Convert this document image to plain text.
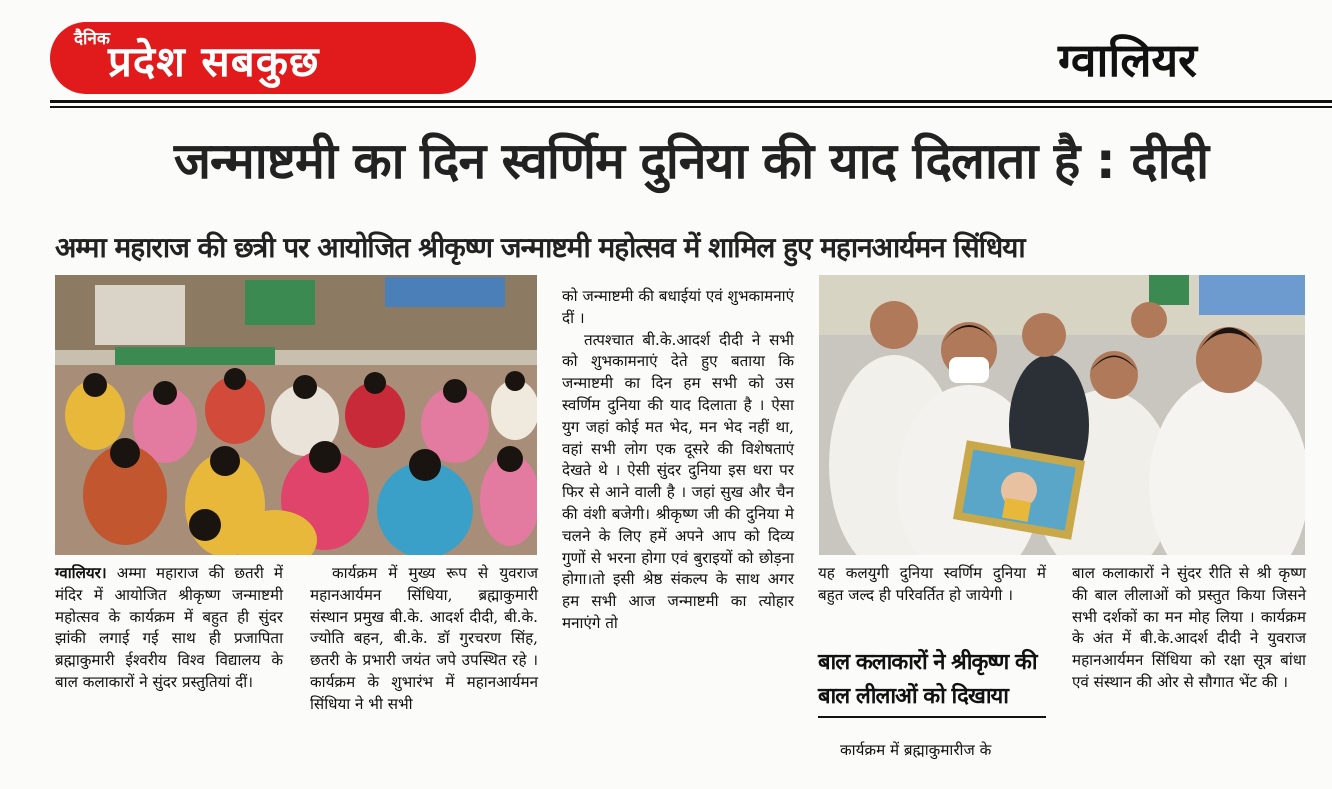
दैनिक
प्रदेश सबकुछ	ग्वालियर
जन्माष्टमी का दिन स्वर्णिम दुनिया की याद दिलाता है : दीदी
अम्मा महाराज की छत्री पर आयोजित श्रीकृष्ण जन्माष्टमी महोत्सव में शामिल हुए महानआर्यमन सिंधिया

ग्वालियर। अम्मा महाराज की छतरी में मंदिर में आयोजित श्रीकृष्ण जन्माष्टमी महोत्सव के कार्यक्रम में बहुत ही सुंदर झांकी लगाई गई साथ ही प्रजापिता ब्रह्माकुमारी ईश्वरीय विश्व विद्यालय के बाल कलाकारों ने सुंदर प्रस्तुतियां दीं।

कार्यक्रम में मुख्य रूप से युवराज महानआर्यमन सिंधिया, ब्रह्माकुमारी संस्थान प्रमुख बी.के. आदर्श दीदी, बी.के. ज्योति बहन, बी.के. डॉ गुरचरण सिंह, छतरी के प्रभारी जयंत जपे उपस्थित रहे । कार्यक्रम के शुभारंभ में महानआर्यमन सिंधिया ने भी सभी

को जन्माष्टमी की बधाईयां एवं शुभकामनाएं दीं ।

तत्पश्चात बी.के.आदर्श दीदी ने सभी को शुभकामनाएं देते हुए बताया कि जन्माष्टमी का दिन हम सभी को उस स्वर्णिम दुनिया की याद दिलाता है । ऐसा युग जहां कोई मत भेद, मन भेद नहीं था, वहां सभी लोग एक दूसरे की विशेषताएं देखते थे । ऐसी सुंदर दुनिया इस धरा पर फिर से आने वाली है । जहां सुख और चैन की वंशी बजेगी। श्रीकृष्ण जी की दुनिया मे चलने के लिए हमें अपने आप को दिव्य गुणों से भरना होगा एवं बुराइयों को छोड़ना होगा।तो इसी श्रेष्ठ संकल्प के साथ अगर हम सभी आज जन्माष्टमी का त्योहार मनाएंगे तो

यह कलयुगी दुनिया स्वर्णिम दुनिया में बहुत जल्द ही परिवर्तित हो जायेगी ।

बाल कलाकारों ने श्रीकृष्ण की बाल लीलाओं को दिखाया

कार्यक्रम में ब्रह्माकुमारीज के

बाल कलाकारों ने सुंदर रीति से श्री कृष्ण की बाल लीलाओं को प्रस्तुत किया जिसने सभी दर्शकों का मन मोह लिया । कार्यक्रम के अंत में बी.के.आदर्श दीदी ने युवराज महानआर्यमन सिंधिया को रक्षा सूत्र बांधा एवं संस्थान की ओर से सौगात भेंट की ।
